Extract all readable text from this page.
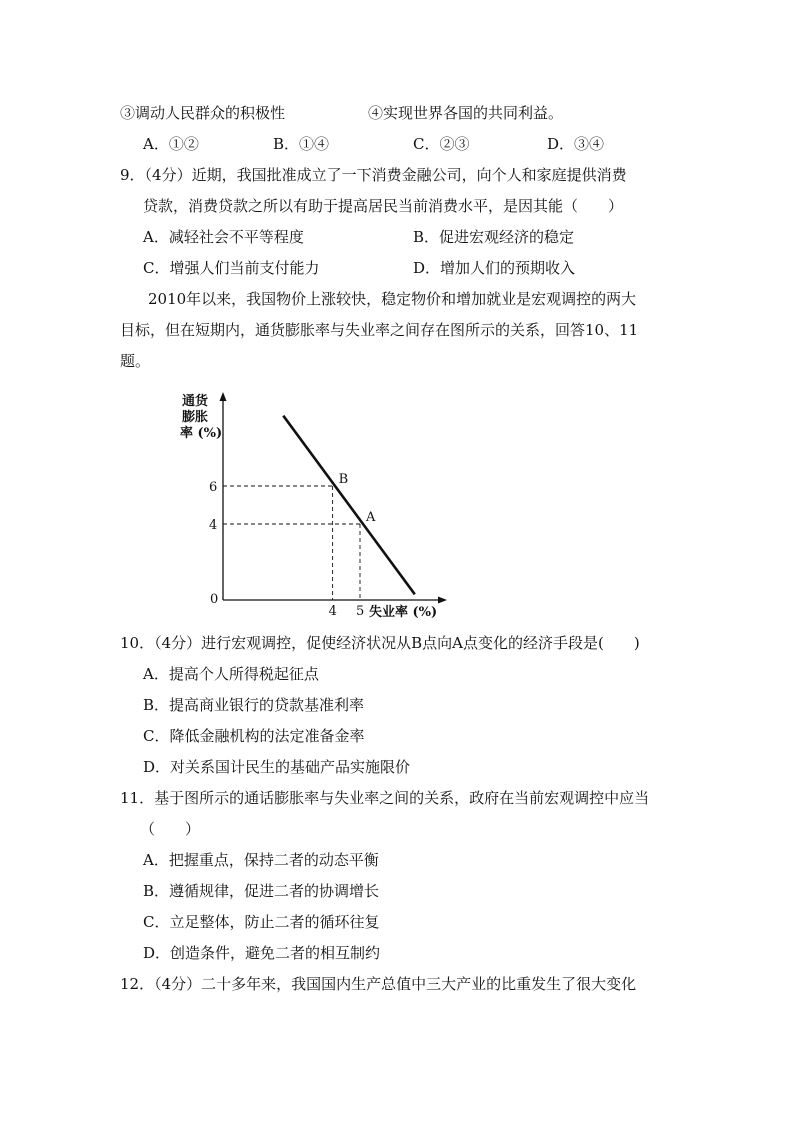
③调动人民群众的积极性	④实现世界各国的共同利益。
A．①②	B．①④	C．②③	D．③④
9．（4分）近期，我国批准成立了一下消费金融公司，向个人和家庭提供消费
贷款，消费贷款之所以有助于提高居民当前消费水平，是因其能（　　）
A．减轻社会不平等程度	B．促进宏观经济的稳定
C．增强人们当前支付能力	D．增加人们的预期收入
2010年以来，我国物价上涨较快，稳定物价和增加就业是宏观调控的两大
目标，但在短期内，通货膨胀率与失业率之间存在图所示的关系，回答10、11
题。
通货
膨胀
率 (%)
0
失业率 (%)
B
A
4 5
6
4
10．（4分）进行宏观调控，促使经济状况从B点向A点变化的经济手段是(　　)
A．提高个人所得税起征点
B．提高商业银行的贷款基准利率
C．降低金融机构的法定准备金率
D．对关系国计民生的基础产品实施限价
11．基于图所示的通话膨胀率与失业率之间的关系，政府在当前宏观调控中应当
（　　）
A．把握重点，保持二者的动态平衡
B．遵循规律，促进二者的协调增长
C．立足整体，防止二者的循环往复
D．创造条件，避免二者的相互制约
12．（4分）二十多年来，我国国内生产总值中三大产业的比重发生了很大变化
